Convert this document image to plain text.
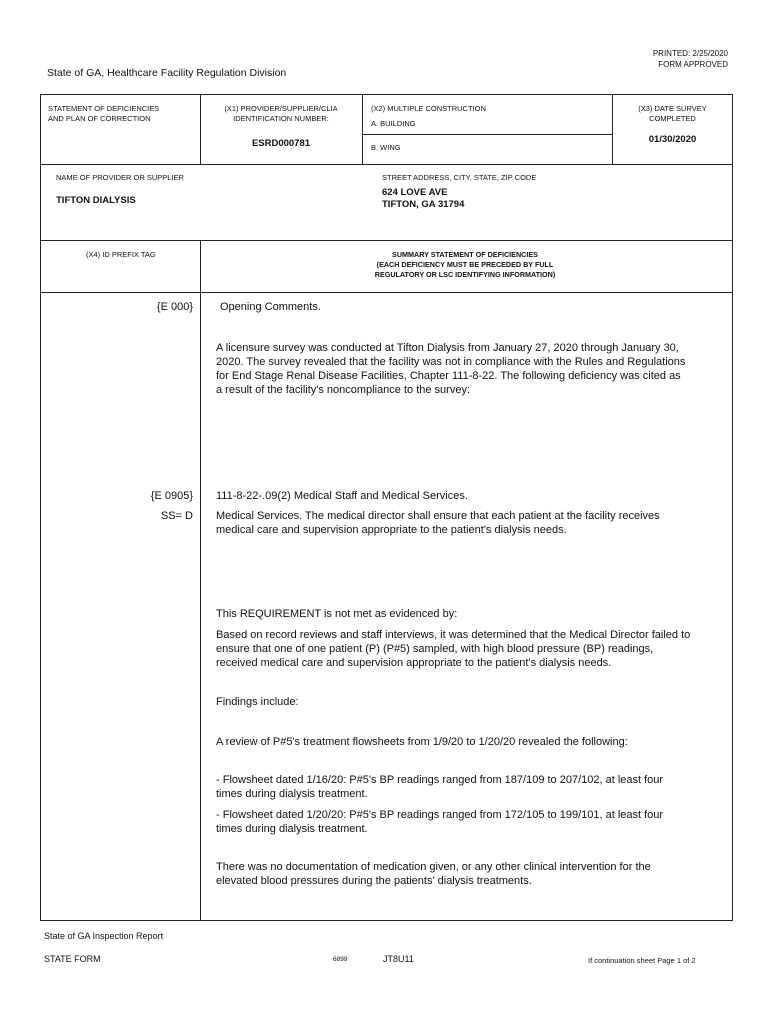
PRINTED: 2/25/2020
FORM APPROVED
State of GA, Healthcare Facility Regulation Division
STATEMENT OF DEFICIENCIES
AND PLAN OF CORRECTION
(X1) PROVIDER/SUPPLIER/CLIA
IDENTIFICATION NUMBER:
ESRD000781
(X2) MULTIPLE CONSTRUCTION
A. BUILDING
B. WING
(X3) DATE SURVEY
COMPLETED
01/30/2020
NAME OF PROVIDER OR SUPPLIER
TIFTON DIALYSIS
STREET ADDRESS, CITY, STATE, ZIP CODE
624 LOVE AVE
TIFTON, GA 31794
(X4) ID PREFIX TAG	SUMMARY STATEMENT OF DEFICIENCIES
(EACH DEFICIENCY MUST BE PRECEDED BY FULL
REGULATORY OR LSC IDENTIFYING INFORMATION)
{E 000} Opening Comments.

A licensure survey was conducted at Tifton Dialysis from January 27, 2020 through January 30,

2020. The survey revealed that the facility was not in compliance with the Rules and Regulations

for End Stage Renal Disease Facilities, Chapter 111-8-22. The following deficiency was cited as

a result of the facility's noncompliance to the survey:

{E 0905}
SS= D
111-8-22-.09(2) Medical Staff and Medical Services.

Medical Services. The medical director shall ensure that each patient at the facility receives

medical care and supervision appropriate to the patient's dialysis needs.

This REQUIREMENT is not met as evidenced by:

Based on record reviews and staff interviews, it was determined that the Medical Director failed to

ensure that one of one patient (P) (P#5) sampled, with high blood pressure (BP) readings,

received medical care and supervision appropriate to the patient's dialysis needs.

Findings include:
A review of P#5's treatment flowsheets from 1/9/20 to 1/20/20 revealed the following:

- Flowsheet dated 1/16/20: P#5's BP readings ranged from 187/109 to 207/102, at least four

times during dialysis treatment.

- Flowsheet dated 1/20/20: P#5's BP readings ranged from 172/105 to 199/101, at least four

times during dialysis treatment.

There was no documentation of medication given, or any other clinical intervention for the

elevated blood pressures during the patients' dialysis treatments.

State of GA Inspection Report
STATE FORM	6899	JT8U11	If continuation sheet Page 1 of 2
